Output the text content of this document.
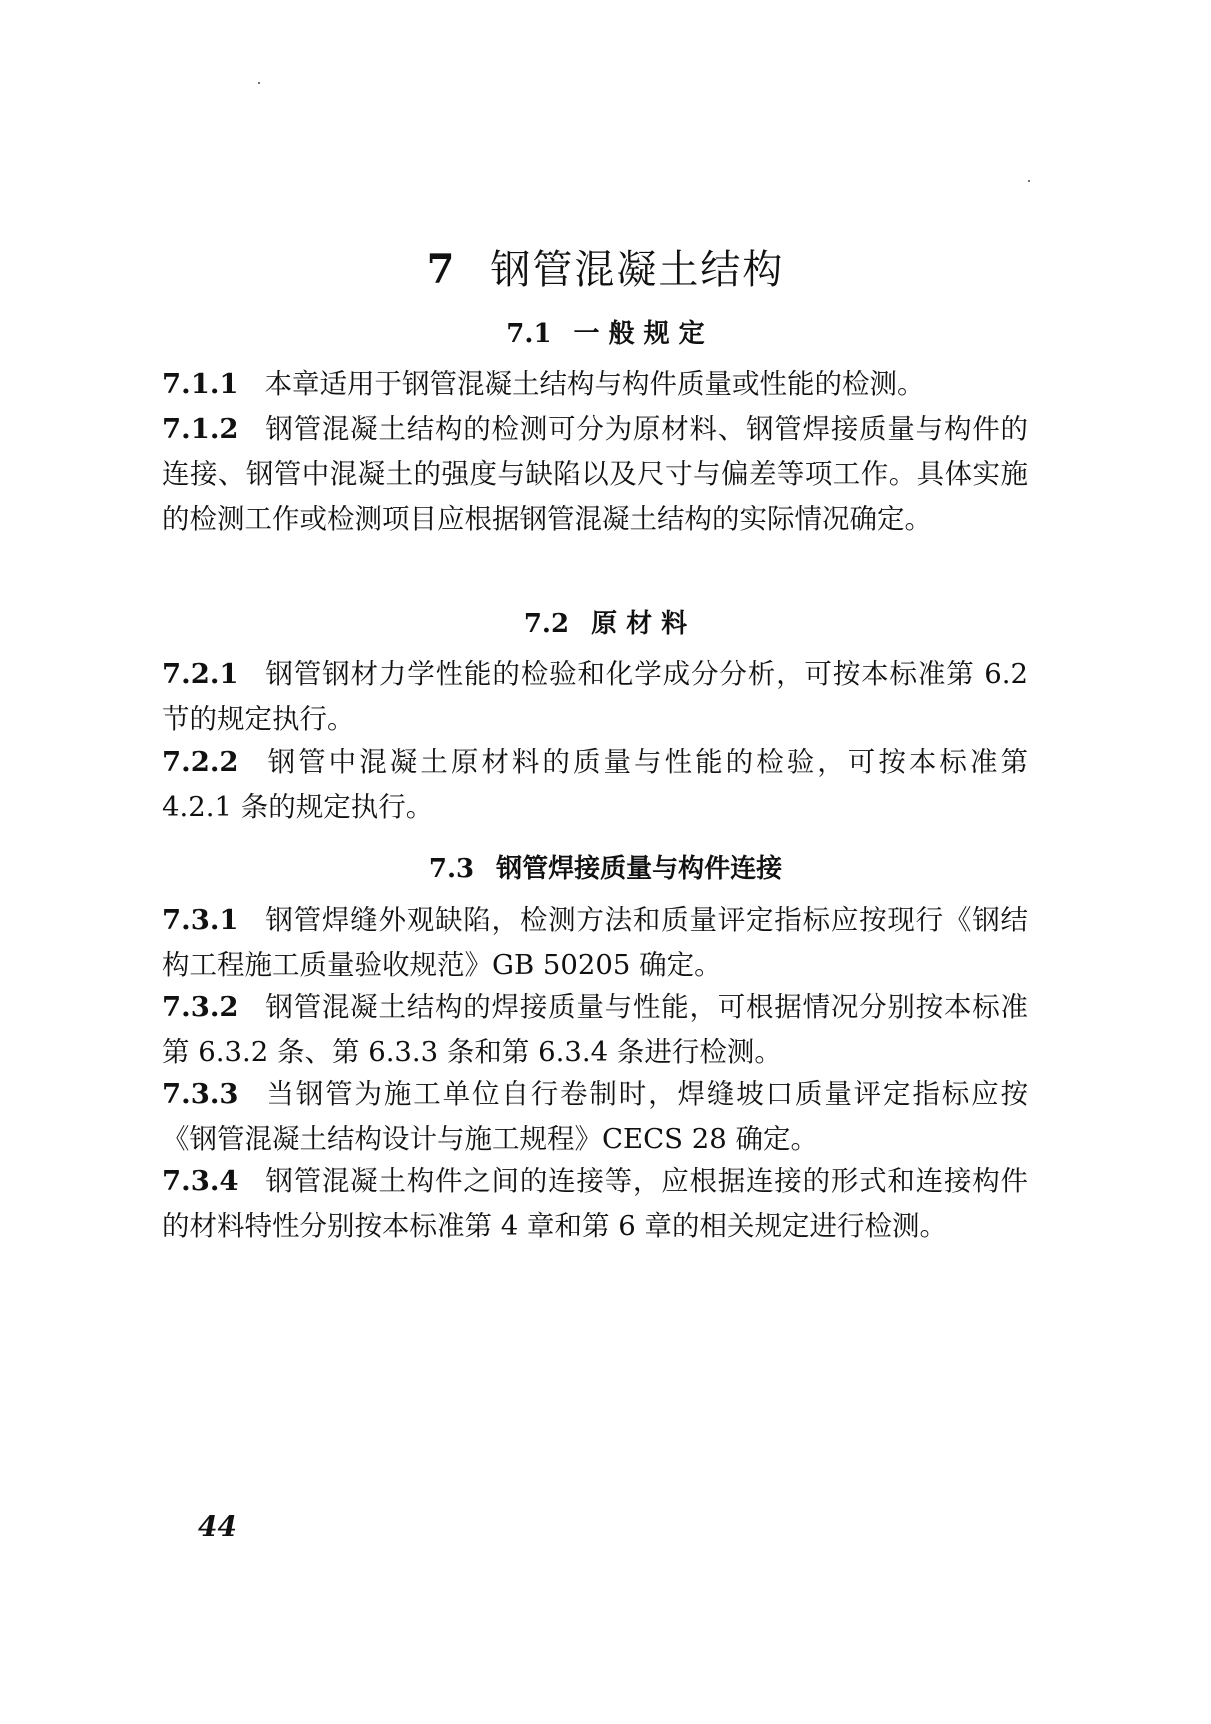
7 钢管混凝土结构
7.1 一 般 规 定
7.1.1 本章适用于钢管混凝土结构与构件质量或性能的检测。
7.1.2 钢管混凝土结构的检测可分为原材料、钢管焊接质量与构件的连接、钢管中混凝土的强度与缺陷以及尺寸与偏差等项工作。具体实施的检测工作或检测项目应根据钢管混凝土结构的实际情况确定。
7.2 原 材 料
7.2.1 钢管钢材力学性能的检验和化学成分分析，可按本标准第 6.2 节的规定执行。
7.2.2 钢管中混凝土原材料的质量与性能的检验，可按本标准第 4.2.1 条的规定执行。
7.3 钢管焊接质量与构件连接
7.3.1 钢管焊缝外观缺陷，检测方法和质量评定指标应按现行《钢结构工程施工质量验收规范》GB 50205 确定。
7.3.2 钢管混凝土结构的焊接质量与性能，可根据情况分别按本标准第 6.3.2 条、第 6.3.3 条和第 6.3.4 条进行检测。
7.3.3 当钢管为施工单位自行卷制时，焊缝坡口质量评定指标应按《钢管混凝土结构设计与施工规程》CECS 28 确定。
7.3.4 钢管混凝土构件之间的连接等，应根据连接的形式和连接构件的材料特性分别按本标准第 4 章和第 6 章的相关规定进行检测。
44
